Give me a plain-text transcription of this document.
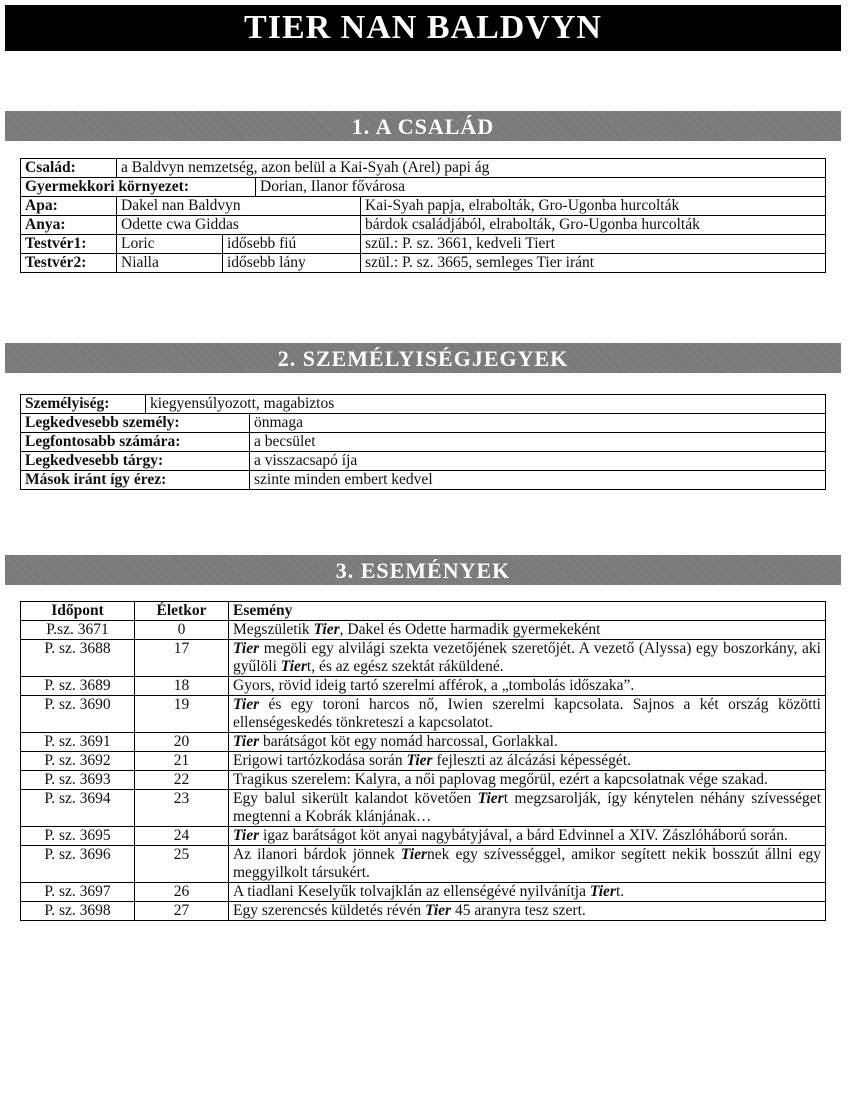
TIER NAN BALDVYN
1. A CSALÁD
Család:	a Baldvyn nemzetség, azon belül a Kai-Syah (Arel) papi ág			
Gyermekkori környezet:			Dorian, Ilanor fővárosa	
Apa:	Dakel nan Baldvyn			Kai-Syah papja, elrabolták, Gro-Ugonba hurcolták
Anya:	Odette cwa Giddas			bárdok családjából, elrabolták, Gro-Ugonba hurcolták
Testvér1:	Loric	idősebb fiú		szül.: P. sz. 3661, kedveli Tiert
Testvér2:	Nialla	idősebb lány		szül.: P. sz. 3665, semleges Tier iránt
2. SZEMÉLYISÉGJEGYEK
Személyiség:	kiegyensúlyozott, magabiztos	
Legkedvesebb személy:		önmaga
Legfontosabb számára:		a becsület
Legkedvesebb tárgy:		a visszacsapó íja
Mások iránt így érez:		szinte minden embert kedvel
3. ESEMÉNYEK
Időpont	Életkor	Esemény
P.sz. 3671	0	Megszületik Tier, Dakel és Odette harmadik gyermekeként
P. sz. 3688	17	Tier megöli egy alvilági szekta vezetőjének szeretőjét. A vezető (Alyssa) egy boszorkány, aki gyűlöli Tiert, és az egész szektát ráküldené.
P. sz. 3689	18	Gyors, rövid ideig tartó szerelmi afférok, a „tombolás időszaka”.
P. sz. 3690	19	Tier és egy toroni harcos nő, Iwien szerelmi kapcsolata. Sajnos a két ország közötti ellenségeskedés tönkreteszi a kapcsolatot.
P. sz. 3691	20	Tier barátságot köt egy nomád harcossal, Gorlakkal.
P. sz. 3692	21	Erigowi tartózkodása során Tier fejleszti az álcázási képességét.
P. sz. 3693	22	Tragikus szerelem: Kalyra, a női paplovag megőrül, ezért a kapcsolatnak vége szakad.
P. sz. 3694	23	Egy balul sikerült kalandot követően Tiert megzsarolják, így kénytelen néhány szívességet megtenni a Kobrák klánjának…
P. sz. 3695	24	Tier igaz barátságot köt anyai nagybátyjával, a bárd Edvinnel a XIV. Zászlóháború során.
P. sz. 3696	25	Az ilanori bárdok jönnek Tiernek egy szívességgel, amikor segített nekik bosszút állni egy meggyilkolt társukért.
P. sz. 3697	26	A tiadlani Keselyűk tolvajklán az ellenségévé nyilvánítja Tiert.
P. sz. 3698	27	Egy szerencsés küldetés révén Tier 45 aranyra tesz szert.
